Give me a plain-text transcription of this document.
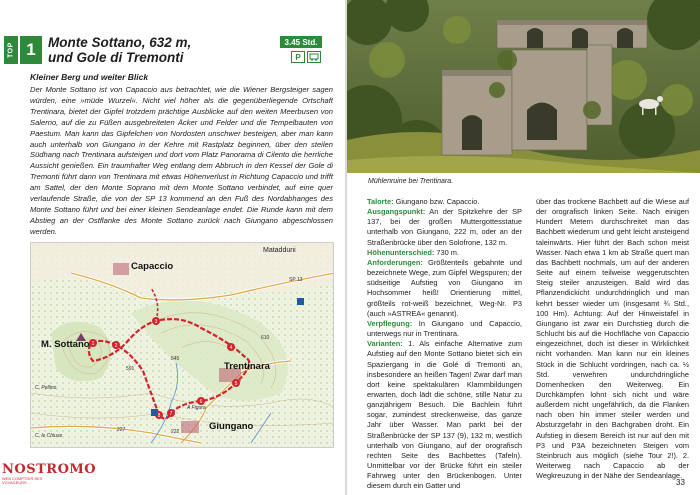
TOP 1 Monte Sottano, 632 m,
und Gole di Tremonti
3.45 Std.
P
Kleiner Berg und weiter Blick
Der Monte Sottano ist von Capaccio aus betrachtet, wie die Wiener Bergsteiger sagen würden, eine »müde Wurzel«. Nicht viel höher als die gegenüberliegende Ortschaft Trentinara, bietet der Gipfel trotzdem prächtige Ausblicke auf den weiten Meerbusen von Salerno, auf die zu Füßen ausgebreiteten Äcker und Felder und die Tempelbauten von Paestum. Man kann das Gipfelchen von Nordosten unschwer besteigen, aber man kann auch unterhalb von Giungano in der Kehre mit Rastplatz beginnen, über den steilen Südhang nach Trentinara aufsteigen und dort vom Platz Panorama di Cilento die herrliche Aussicht genießen. Ein traumhafter Weg entlang dem Abbruch in den Kessel der Gole di Tremonti führt dann von Trentinara mit etwas Höhenverlust in Richtung Capaccio und trifft am Sattel, der den Monte Soprano mit dem Monte Sottano verbindet, auf eine quer verlaufende Straße, die von der SP 13 kommend an den Fuß des Nordabhanges des Monte Sottano führt und bei einer kleinen Sendeanlage endet. Die Runde kann mit dem Abstieg an der Ostflanke des Monte Sottano zurück nach Giungano abgeschlossen werden.
1	2
3
4
5
6
7
8
Matadduni
Capaccio
M. Sottano
Trentinara
Giungano
C. Pellino
C. le Chiuse
A Figura
SP 13
591
545
227	222
610
NOSTROMO
WEB COMPTOIR DES VOYAGEURS
Mühlenruine bei Trentinara.
Talorte: Giungano bzw. Capaccio.
Ausgangspunkt: An der Spitzkehre der SP 137, bei der großen Muttergottesstatue unterhalb von Giungano, 222 m, oder an der Straßenbrücke über den Solofrone, 132 m.
Höhenunterschied: 730 m.
Anforderungen: Größtenteils gebahnte und bezeichnete Wege, zum Gipfel Wegspuren; der südseitige Aufstieg von Giungano im Hochsommer heiß! Orientierung mittel, größteils rot-weiß bezeichnet, Weg-Nr. P3 (auch »ASTREA« genannt).
Verpflegung: In Giungano und Capaccio, unterwegs nur in Trentinara.
Varianten: 1. Als einfache Alternative zum Aufstieg auf den Monte Sottano bietet sich ein Spaziergang in die Golé di Tremonti an, insbesondere an heißen Tagen! Zwar darf man dort keine spektakulären Klammbildungen erwarten, doch lädt die schöne, stille Natur zu ganzjährigem Besuch. Die Bachlein führt sogar, zumindest streckenweise, das ganze Jahr über Wasser. Man parkt bei der Straßenbrücke der SP 137 (9), 132 m, westlich unterhalb von Giungano, auf der orografisch rechten Seite des Bachbettes (Tafeln). Unmittelbar vor der Brücke führt ein steiler Fahrweg unter den Brückenbogen. Unter diesem durch ein Gatter und
über das trockene Bachbett auf die Wiese auf der orografisch linken Seite. Nach einigen Hundert Metern durchschreitet man das Bachbett wiederum und geht leicht ansteigend taleinwärts. Hier führt der Bach schon meist Wasser. Nach etwa 1 km ab Straße quert man das Bachbett nochmals, um auf der anderen Seite auf einem teilweise weggerutschten Steig steiler anzusteigen. Bald wird das Pflanzendickicht undurchdringlich und man kehrt besser wieder um (insgesamt ¾ Std., 100 Hm). Achtung: Auf der Hinweistafel in Giungano ist zwar ein Durchstieg durch die Schlucht bis auf die Hochfläche von Capaccio eingezeichnet, doch ist dieser in Wirklichkeit nicht vorhanden. Man kann nur ein kleines Stück in die Schlucht vordringen, nach ca. ½ Std. verwehren undurchdringliche Dornenhecken den Weiterweg. Ein Durchkämpfen lohnt sich nicht und wäre außerdem nicht ungefährlich, da die Flanken nach oben hin immer steiler werden und Absturzgefahr in den Bachgraben droht. Ein Aufstieg in diesem Bereich ist nur auf den mit P3 und P3A bezeichneten Steigen vom Steinbruch aus möglich (siehe Tour 2!). 2. Weiterweg nach Capaccio ab der Wegkreuzung in der Nähe der Sendeanlage.
33
